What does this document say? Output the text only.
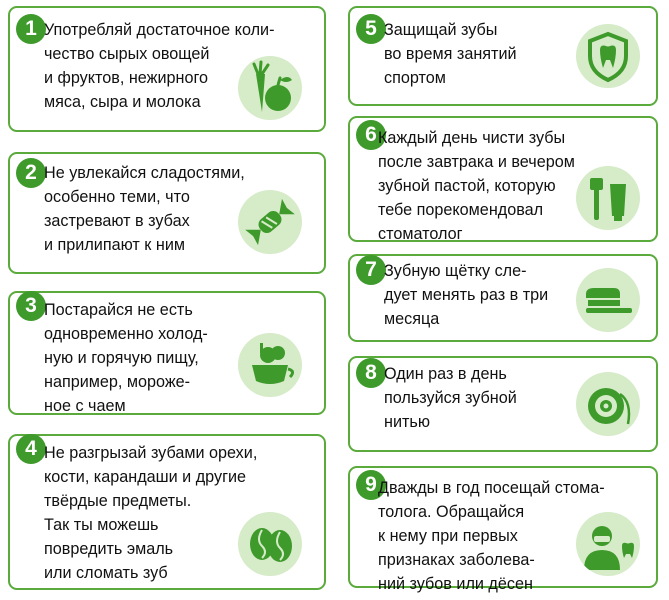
1 Употребляй достаточное коли-
чество сырых овощей
и фруктов, нежирного
мяса, сыра и молока

2 Не увлекайся сладостями,
особенно теми, что
застревают в зубах
и прилипают к ним

3 Постарайся не есть
одновременно холод-
ную и горячую пищу,
например, мороже-
ное с чаем

4 Не разгрызай зубами орехи,
кости, карандаши и другие
твёрдые предметы.
Так ты можешь
повредить эмаль
или сломать зуб

5 Защищай зубы
во время занятий
спортом

6 Каждый день чисти зубы
после завтрака и вечером
зубной пастой, которую
тебе порекомендовал
стоматолог

7 Зубную щётку сле-
дует менять раз в три
месяца

8 Один раз в день
пользуйся зубной
нитью

9 Дважды в год посещай стома-
толога. Обращайся
к нему при первых
признаках заболева-
ний зубов или дёсен
